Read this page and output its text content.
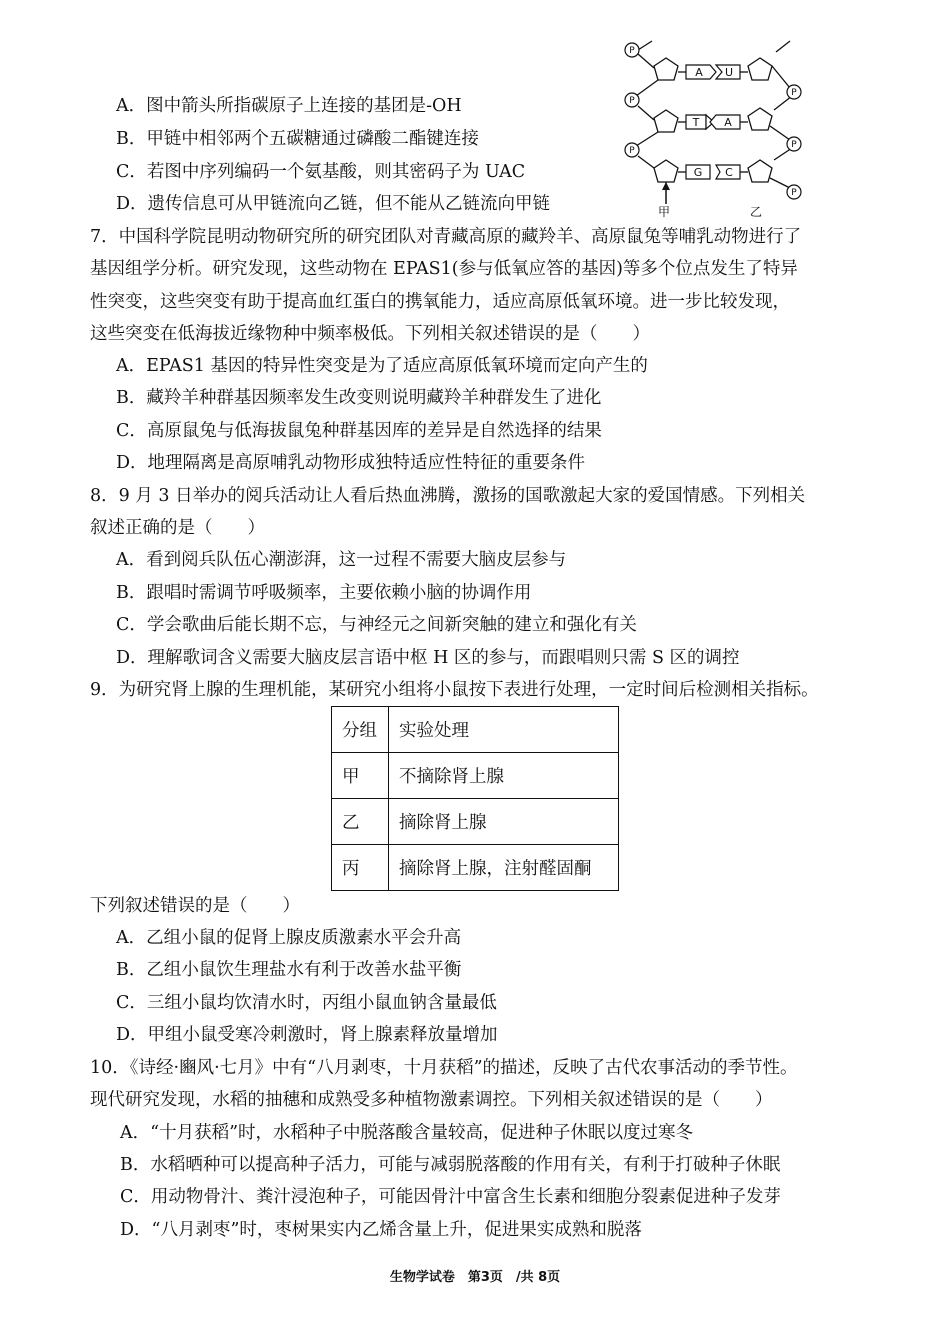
A．图中箭头所指碳原子上连接的基团是-OH
B．甲链中相邻两个五碳糖通过磷酸二酯键连接
C．若图中序列编码一个氨基酸，则其密码子为 UAC
D．遗传信息可从甲链流向乙链，但不能从乙链流向甲链
A U
T A
G C
P
P
P
P
P
P
甲	乙
7．中国科学院昆明动物研究所的研究团队对青藏高原的藏羚羊、高原鼠兔等哺乳动物进行了
基因组学分析。研究发现，这些动物在 EPAS1(参与低氧应答的基因)等多个位点发生了特异
性突变，这些突变有助于提高血红蛋白的携氧能力，适应高原低氧环境。进一步比较发现，
这些突变在低海拔近缘物种中频率极低。下列相关叙述错误的是（　　）
A．EPAS1 基因的特异性突变是为了适应高原低氧环境而定向产生的
B．藏羚羊种群基因频率发生改变则说明藏羚羊种群发生了进化
C．高原鼠兔与低海拔鼠兔种群基因库的差异是自然选择的结果
D．地理隔离是高原哺乳动物形成独特适应性特征的重要条件
8．9 月 3 日举办的阅兵活动让人看后热血沸腾，激扬的国歌激起大家的爱国情感。下列相关
叙述正确的是（　　）
A．看到阅兵队伍心潮澎湃，这一过程不需要大脑皮层参与
B．跟唱时需调节呼吸频率，主要依赖小脑的协调作用
C．学会歌曲后能长期不忘，与神经元之间新突触的建立和强化有关
D．理解歌词含义需要大脑皮层言语中枢 H 区的参与，而跟唱则只需 S 区的调控
9．为研究肾上腺的生理机能，某研究小组将小鼠按下表进行处理，一定时间后检测相关指标。
分组	实验处理
甲	不摘除肾上腺
乙	摘除肾上腺
丙	摘除肾上腺，注射醛固酮
下列叙述错误的是（　　）
A．乙组小鼠的促肾上腺皮质激素水平会升高
B．乙组小鼠饮生理盐水有利于改善水盐平衡
C．三组小鼠均饮清水时，丙组小鼠血钠含量最低
D．甲组小鼠受寒冷刺激时，肾上腺素释放量增加
10．《诗经·豳风·七月》中有“八月剥枣，十月获稻”的描述，反映了古代农事活动的季节性。
现代研究发现，水稻的抽穗和成熟受多种植物激素调控。下列相关叙述错误的是（　　）
A．“十月获稻”时，水稻种子中脱落酸含量较高，促进种子休眠以度过寒冬
B．水稻晒种可以提高种子活力，可能与减弱脱落酸的作用有关，有利于打破种子休眠
C．用动物骨汁、粪汁浸泡种子，可能因骨汁中富含生长素和细胞分裂素促进种子发芽
D．“八月剥枣”时，枣树果实内乙烯含量上升，促进果实成熟和脱落
生物学试卷　第3页　/共 8页
